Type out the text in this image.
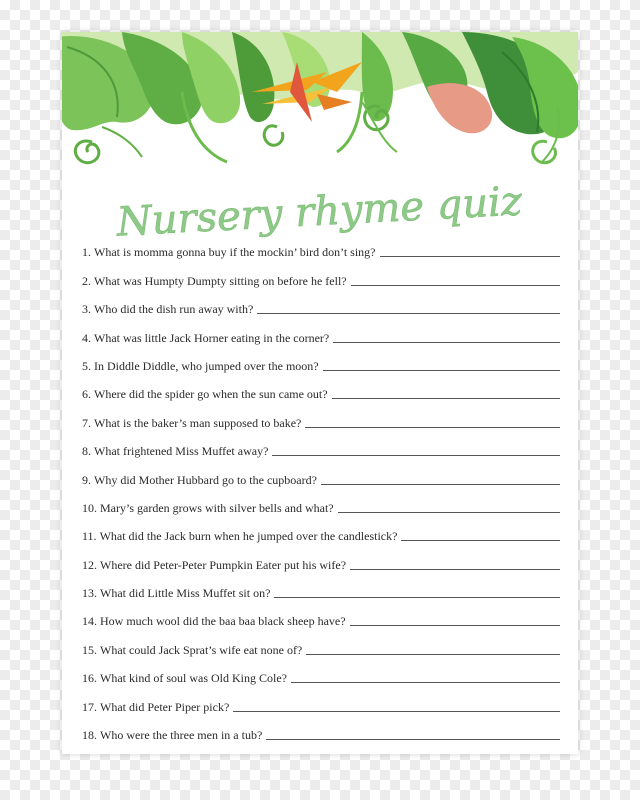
Nursery rhyme quiz
1. What is momma gonna buy if the mockin’ bird don’t sing?
2. What was Humpty Dumpty sitting on before he fell?
3. Who did the dish run away with?
4. What was little Jack Horner eating in the corner?
5. In Diddle Diddle, who jumped over the moon?
6. Where did the spider go when the sun came out?
7. What is the baker’s man supposed to bake?
8. What frightened Miss Muffet away?
9. Why did Mother Hubbard go to the cupboard?
10. Mary’s garden grows with silver bells and what?
11. What did the Jack burn when he jumped over the candlestick?
12. Where did Peter-Peter Pumpkin Eater put his wife?
13. What did Little Miss Muffet sit on?
14. How much wool did the baa baa black sheep have?
15. What could Jack Sprat’s wife eat none of?
16. What kind of soul was Old King Cole?
17. What did Peter Piper pick?
18. Who were the three men in a tub?
